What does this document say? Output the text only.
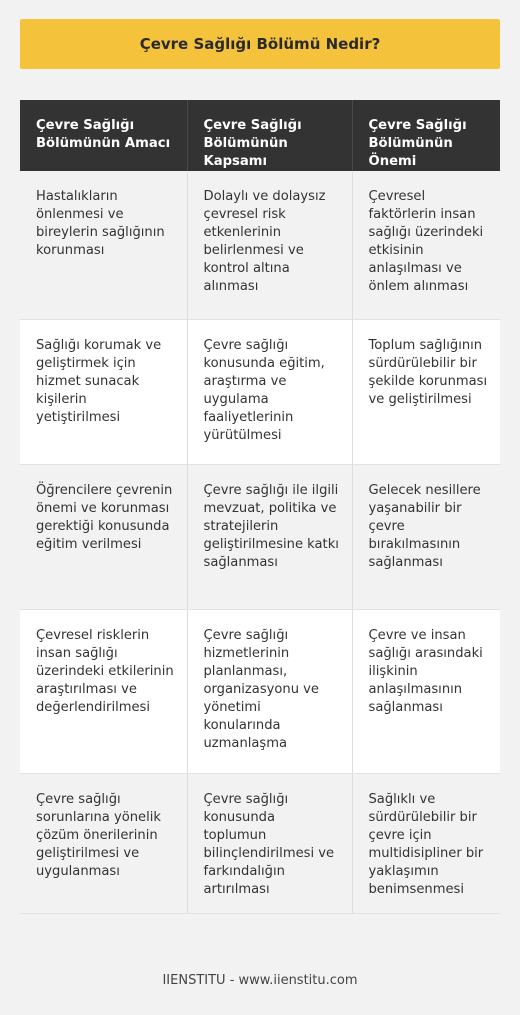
Çevre Sağlığı Bölümü Nedir?
Çevre Sağlığı Bölümünün Amacı	Çevre Sağlığı Bölümünün Kapsamı	Çevre Sağlığı Bölümünün Önemi
Hastalıkların önlenmesi ve bireylerin sağlığının korunması	Dolaylı ve dolaysız çevresel risk etkenlerinin belirlenmesi ve kontrol altına alınması	Çevresel faktörlerin insan sağlığı üzerindeki etkisinin anlaşılması ve önlem alınması
Sağlığı korumak ve geliştirmek için hizmet sunacak kişilerin yetiştirilmesi	Çevre sağlığı konusunda eğitim, araştırma ve uygulama faaliyetlerinin yürütülmesi	Toplum sağlığının sürdürülebilir bir şekilde korunması ve geliştirilmesi
Öğrencilere çevrenin önemi ve korunması gerektiği konusunda eğitim verilmesi	Çevre sağlığı ile ilgili mevzuat, politika ve stratejilerin geliştirilmesine katkı sağlanması	Gelecek nesillere yaşanabilir bir çevre bırakılmasının sağlanması
Çevresel risklerin insan sağlığı üzerindeki etkilerinin araştırılması ve değerlendirilmesi	Çevre sağlığı hizmetlerinin planlanması, organizasyonu ve yönetimi konularında uzmanlaşma	Çevre ve insan sağlığı arasındaki ilişkinin anlaşılmasının sağlanması
Çevre sağlığı sorunlarına yönelik çözüm önerilerinin geliştirilmesi ve uygulanması	Çevre sağlığı konusunda toplumun bilinçlendirilmesi ve farkındalığın artırılması	Sağlıklı ve sürdürülebilir bir çevre için multidisipliner bir yaklaşımın benimsenmesi
IIENSTITU - www.iienstitu.com
